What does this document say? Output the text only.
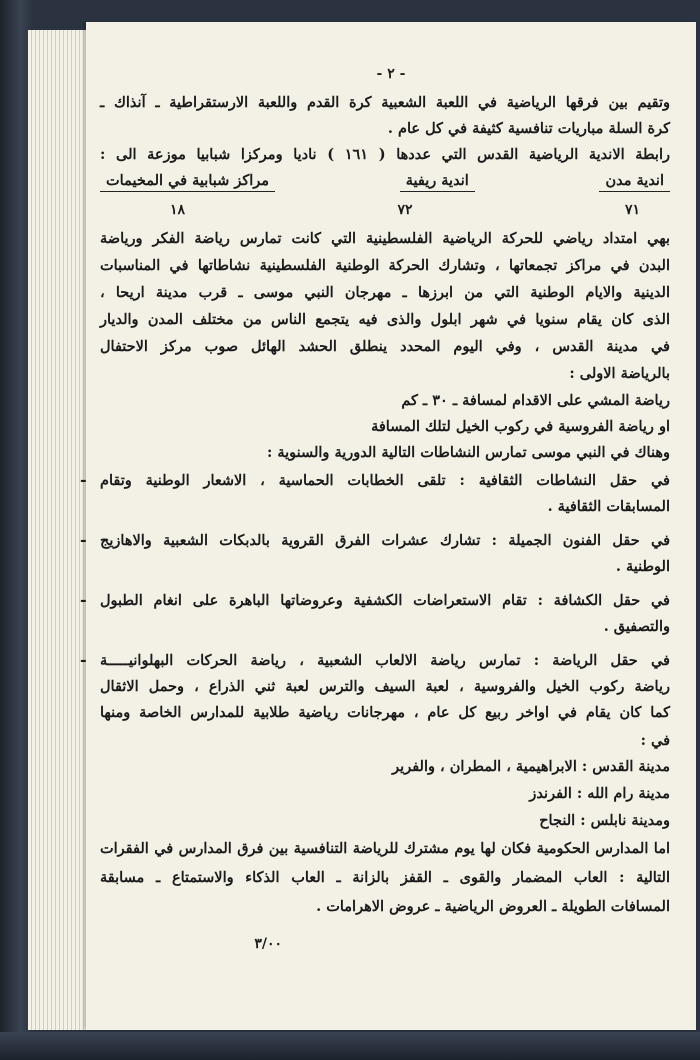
- ٢ -
وتقيم بين فرقها الرياضية في اللعبة الشعبية كرة القدم واللعبة الارستقراطية ـ آنذاك ـ
كرة السلة مباريات تنافسية كثيفة في كل عام .
رابطة الاندية الرياضية القدس التي عددها ( ١٦١ ) ناديا ومركزا شبابيا موزعة الى :
اندية مدن
اندية ريفية
مراكز شبابية في المخيمات
٧١
٧٢
١٨
بهي امتداد رياضي للحركة الرياضية الفلسطينية التي كانت تمارس رياضة الفكر ورياضة
البدن في مراكز تجمعاتها ، وتشارك الحركة الوطنية الفلسطينية نشاطاتها في المناسبات
الدينية والايام الوطنية التي من ابرزها ـ مهرجان النبي موسى ـ قرب مدينة اريحا ،
الذى كان يقام سنويا في شهر ابلول والذى فيه يتجمع الناس من مختلف المدن والديار
في مدينة القدس ، وفي اليوم المحدد ينطلق الحشد الهائل صوب مركز الاحتفال
بالرياضة الاولى :
رياضة المشي على الاقدام لمسافة ـ ٣٠ ـ كم
او رياضة الفروسية في ركوب الخيل لتلك المسافة
وهناك في النبي موسى تمارس النشاطات التالية الدورية والسنوية :
في حقل النشاطات الثقافية : تلقى الخطابات الحماسية ، الاشعار الوطنية وتقام
-
المسابقات الثقافية .
في حقل الفنون الجميلة : تشارك عشرات الفرق القروية بالدبكات الشعبية والاهازيج
-
الوطنية .
في حقل الكشافة : تقام الاستعراضات الكشفية وعروضاتها الباهرة على انغام الطبول
-
والتصفيق .
في حقل الرياضة : تمارس رياضة الالعاب الشعبية ، رياضة الحركات البهلوانيـــــة
-
رياضة ركوب الخيل والفروسية ، لعبة السيف والترس لعبة ثني الذراع ، وحمل الاثقال
كما كان يقام في اواخر ربيع كل عام ، مهرجانات رياضية طلابية للمدارس الخاصة ومنها
في :
مدينة القدس : الابراهيمية ، المطران ، والفرير
مدينة رام الله : الفرندز
ومدينة نابلس : النجاح
اما المدارس الحكومية فكان لها يوم مشترك للرياضة التنافسية بين فرق المدارس في الفقرات
التالية : العاب المضمار والقوى ـ القفز بالزانة ـ العاب الذكاء والاستمتاع ـ مسابقة
المسافات الطويلة ـ العروض الرياضية ـ عروض الاهرامات .
٣/٠٠
